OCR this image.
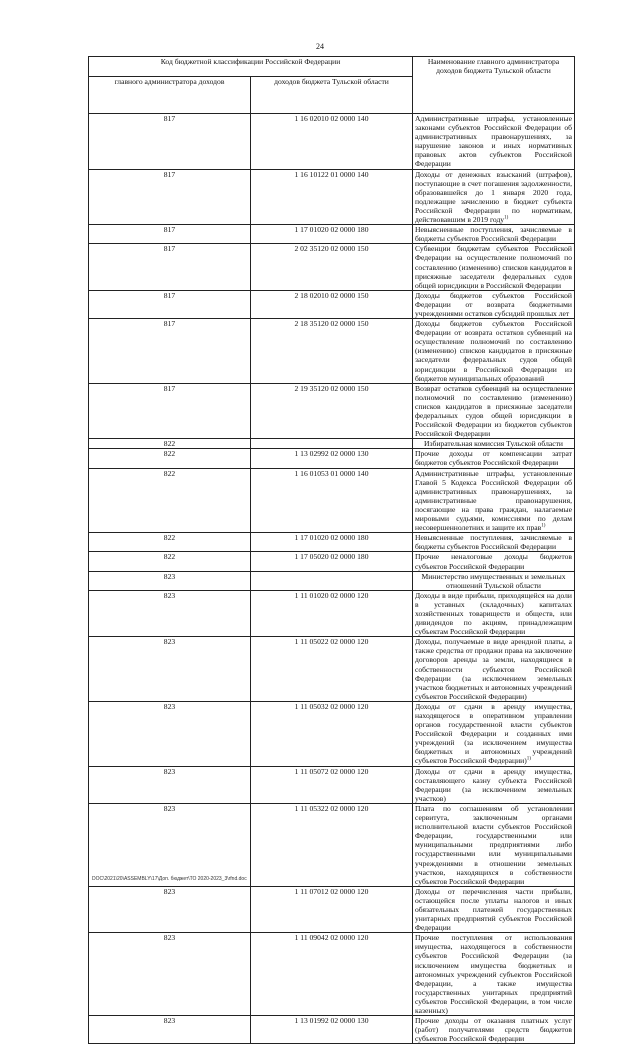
24
Код бюджетной классификации Российской Федерации		Наименование главного администратора доходов бюджета Тульской области
главного администратора доходов	доходов бюджета Тульской области	
817	1 16 02010 02 0000 140	Административные штрафы, установленные законами субъектов Российской Федерации об административных правонарушениях, за нарушение законов и иных нормативных правовых актов субъектов Российской Федерации
817	1 16 10122 01 0000 140	Доходы от денежных взысканий (штрафов), поступающие в счет погашения задолженности, образовавшейся до 1 января 2020 года, подлежащие зачислению в бюджет субъекта Российской Федерации по нормативам, действовавшим в 2019 году$^{1)}$
817	1 17 01020 02 0000 180	Невыясненные поступления, зачисляемые в бюджеты субъектов Российской Федерации
817	2 02 35120 02 0000 150	Субвенции бюджетам субъектов Российской Федерации на осуществление полномочий по составлению (изменению) списков кандидатов в присяжные заседатели федеральных судов общей юрисдикции в Российской Федерации
817	2 18 02010 02 0000 150	Доходы бюджетов субъектов Российской Федерации от возврата бюджетными учреждениями остатков субсидий прошлых лет
817	2 18 35120 02 0000 150	Доходы бюджетов субъектов Российской Федерации от возврата остатков субвенций на осуществление полномочий по составлению (изменению) списков кандидатов в присяжные заседатели федеральных судов общей юрисдикции в Российской Федерации из бюджетов муниципальных образований
817	2 19 35120 02 0000 150	Возврат остатков субвенций на осуществление полномочий по составлению (изменению) списков кандидатов в присяжные заседатели федеральных судов общей юрисдикции в Российской Федерации из бюджетов субъектов Российской Федерации
822		Избирательная комиссия Тульской области
822	1 13 02992 02 0000 130	Прочие доходы от компенсации затрат бюджетов субъектов Российской Федерации
822	1 16 01053 01 0000 140	Административные штрафы, установленные Главой 5 Кодекса Российской Федерации об административных правонарушениях, за административные правонарушения, посягающие на права граждан, налагаемые мировыми судьями, комиссиями по делам несовершеннолетних и защите их прав$^{1)}$
822	1 17 01020 02 0000 180	Невыясненные поступления, зачисляемые в бюджеты субъектов Российской Федерации
822	1 17 05020 02 0000 180	Прочие неналоговые доходы бюджетов субъектов Российской Федерации
823		Министерство имущественных и земельных отношений Тульской области
823	1 11 01020 02 0000 120	Доходы в виде прибыли, приходящейся на доли в уставных (складочных) капиталах хозяйственных товариществ и обществ, или дивидендов по акциям, принадлежащим субъектам Российской Федерации
823	1 11 05022 02 0000 120	Доходы, получаемые в виде арендной платы, а также средства от продажи права на заключение договоров аренды за земли, находящиеся в собственности субъектов Российской Федерации (за исключением земельных участков бюджетных и автономных учреждений субъектов Российской Федерации)
823	1 11 05032 02 0000 120	Доходы от сдачи в аренду имущества, находящегося в оперативном управлении органов государственной власти субъектов Российской Федерации и созданных ими учреждений (за исключением имущества бюджетных и автономных учреждений субъектов Российской Федерации)$^{1)}$
823	1 11 05072 02 0000 120	Доходы от сдачи в аренду имущества, составляющего казну субъекта Российской Федерации (за исключением земельных участков)
823	1 11 05322 02 0000 120	Плата по соглашениям об установлении сервитута, заключенным органами исполнительной власти субъектов Российской Федерации, государственными или муниципальными предприятиями либо государственными или муниципальными учреждениями в отношении земельных участков, находящихся в собственности субъектов Российской Федерации
823	1 11 07012 02 0000 120	Доходы от перечисления части прибыли, остающейся после уплаты налогов и иных обязательных платежей государственных унитарных предприятий субъектов Российской Федерации
823	1 11 09042 02 0000 120	Прочие поступления от использования имущества, находящегося в собственности субъектов Российской Федерации (за исключением имущества бюджетных и автономных учреждений субъектов Российской Федерации, а также имущества государственных унитарных предприятий субъектов Российской Федерации, в том числе казенных)
823	1 13 01992 02 0000 130	Прочие доходы от оказания платных услуг (работ) получателями средств бюджетов субъектов Российской Федерации
DOC\2021\20\ASSEMBLY\17\Доп. бюджет\ТО 2020-2023_3\rfnd.doc
